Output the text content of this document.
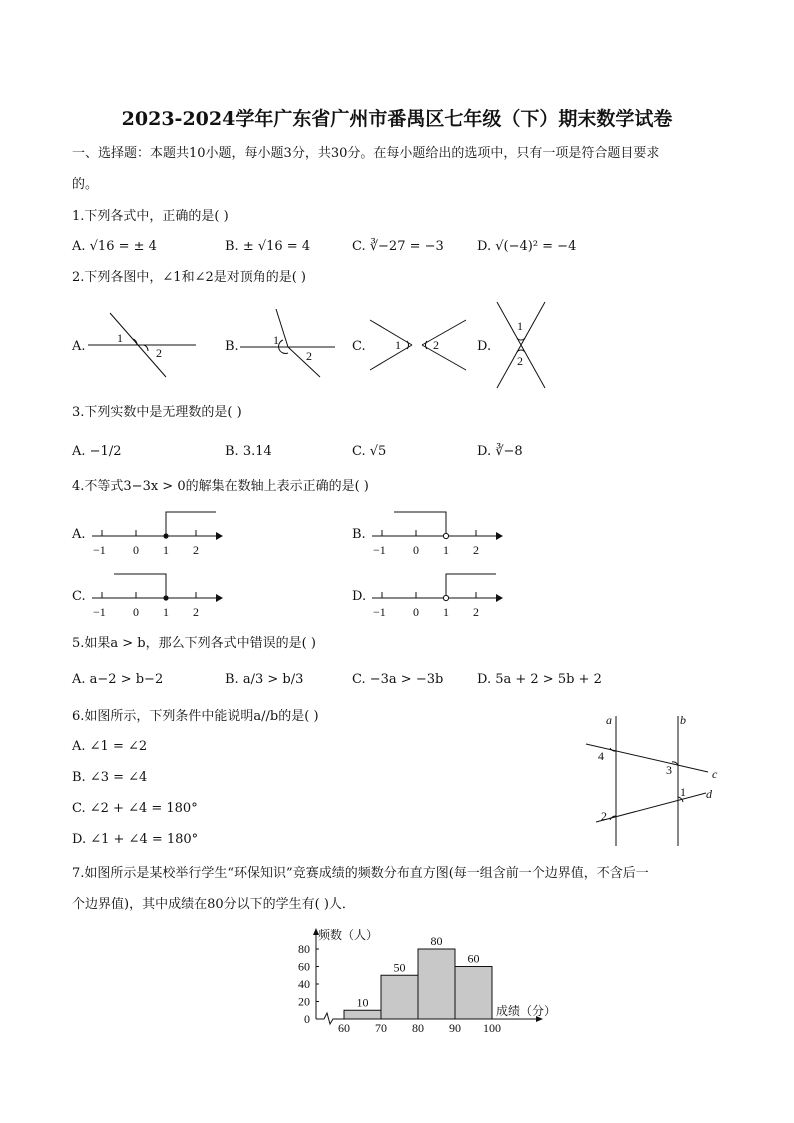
2023-2024学年广东省广州市番禺区七年级（下）期末数学试卷
一、选择题：本题共10小题，每小题3分，共30分。在每小题给出的选项中，只有一项是符合题目要求
的。
1.下列各式中，正确的是( )
A. √16 = ± 4	B. ± √16 = 4	C. ∛−27 = −3	D. √(−4)² = −4
2.下列各图中，∠1和∠2是对顶角的是( )
A.	B.	C.	D.
1
2
1
2
1	2
1
2
3.下列实数中是无理数的是( )
A. −1/2	B. 3.14	C. √5	D. ∛−8
4.不等式3−3x > 0的解集在数轴上表示正确的是( )
A.	B.
C.	D.
−1 0 1 2	−1 0 1 2
−1 0 1 2	−1 0 1 2
5.如果a > b，那么下列各式中错误的是( )
A. a−2 > b−2	B. a/3 > b/3	C. −3a > −3b	D. 5a + 2 > 5b + 2
6.如图所示，下列条件中能说明a//b的是( )
A. ∠1 = ∠2
B. ∠3 = ∠4
C. ∠2 + ∠4 = 180°
D. ∠1 + ∠4 = 180°
a	b
c
d
1
2
3
4
7.如图所示是某校举行学生“环保知识”竞赛成绩的频数分布直方图(每一组含前一个边界值，不含后一
个边界值)，其中成绩在80分以下的学生有( )人．
0
20
40
60
80
10
50
80
60
60 70 80 90 100
频数（人）
成绩（分）
